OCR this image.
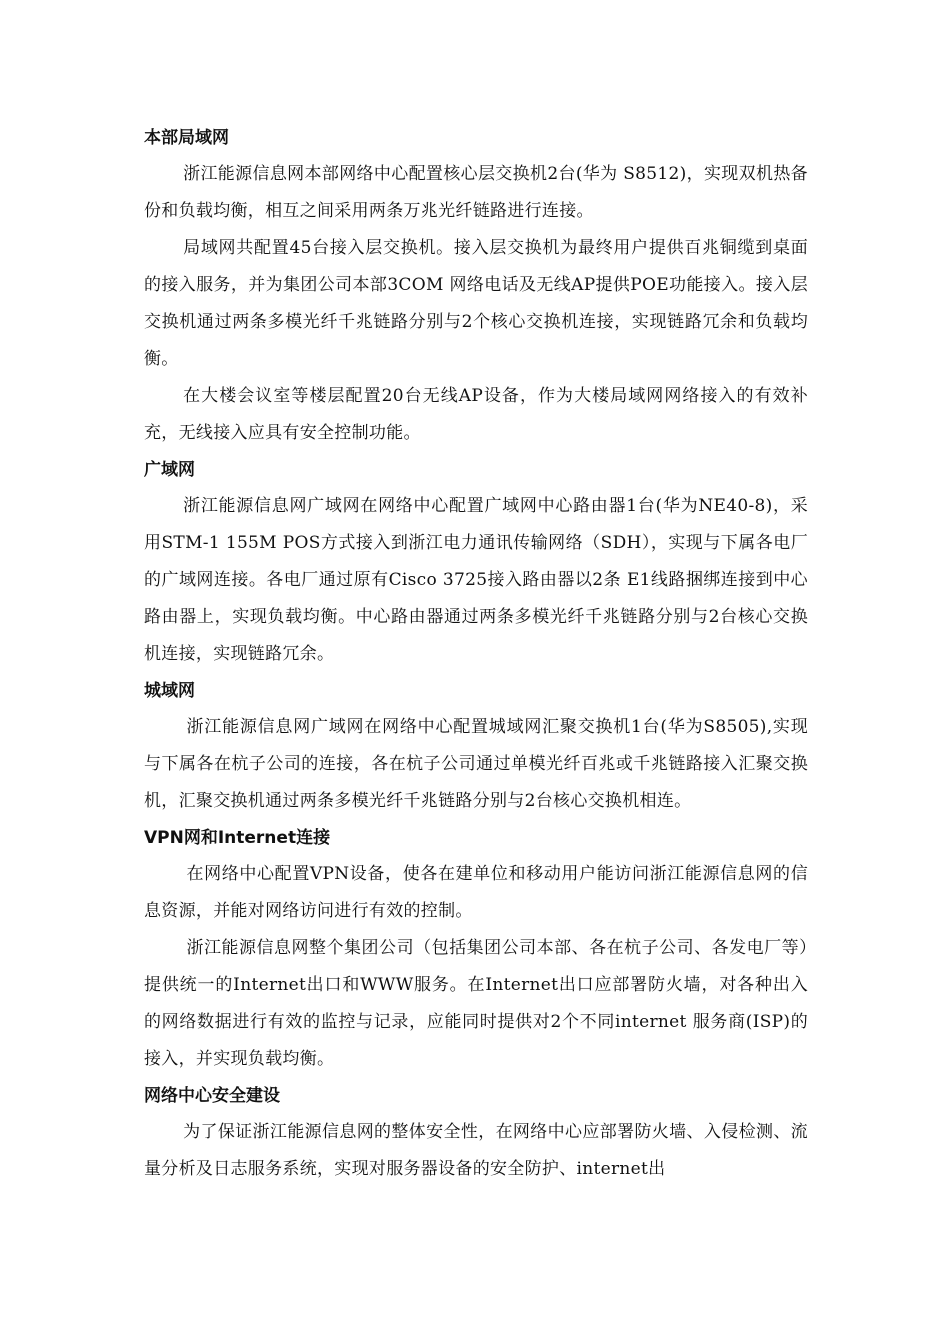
本部局域网

浙江能源信息网本部网络中心配置核心层交换机2台(华为 S8512)，实现双机热备份和负载均衡，相互之间采用两条万兆光纤链路进行连接。

局域网共配置45台接入层交换机。接入层交换机为最终用户提供百兆铜缆到桌面的接入服务，并为集团公司本部3COM 网络电话及无线AP提供POE功能接入。接入层交换机通过两条多模光纤千兆链路分别与2个核心交换机连接，实现链路冗余和负载均衡。

在大楼会议室等楼层配置20台无线AP设备，作为大楼局域网网络接入的有效补充，无线接入应具有安全控制功能。

广域网

浙江能源信息网广域网在网络中心配置广域网中心路由器1台(华为NE40-8)，采用STM-1 155M POS方式接入到浙江电力通讯传输网络（SDH），实现与下属各电厂的广域网连接。各电厂通过原有Cisco 3725接入路由器以2条 E1线路捆绑连接到中心路由器上，实现负载均衡。中心路由器通过两条多模光纤千兆链路分别与2台核心交换机连接，实现链路冗余。

城域网

浙江能源信息网广域网在网络中心配置城域网汇聚交换机1台(华为S8505),实现与下属各在杭子公司的连接，各在杭子公司通过单模光纤百兆或千兆链路接入汇聚交换机，汇聚交换机通过两条多模光纤千兆链路分别与2台核心交换机相连。

VPN网和Internet连接

在网络中心配置VPN设备，使各在建单位和移动用户能访问浙江能源信息网的信息资源，并能对网络访问进行有效的控制。

浙江能源信息网整个集团公司（包括集团公司本部、各在杭子公司、各发电厂等）提供统一的Internet出口和WWW服务。在Internet出口应部署防火墙，对各种出入的网络数据进行有效的监控与记录，应能同时提供对2个不同internet 服务商(ISP)的接入，并实现负载均衡。

网络中心安全建设

为了保证浙江能源信息网的整体安全性，在网络中心应部署防火墙、入侵检测、流量分析及日志服务系统，实现对服务器设备的安全防护、internet出
